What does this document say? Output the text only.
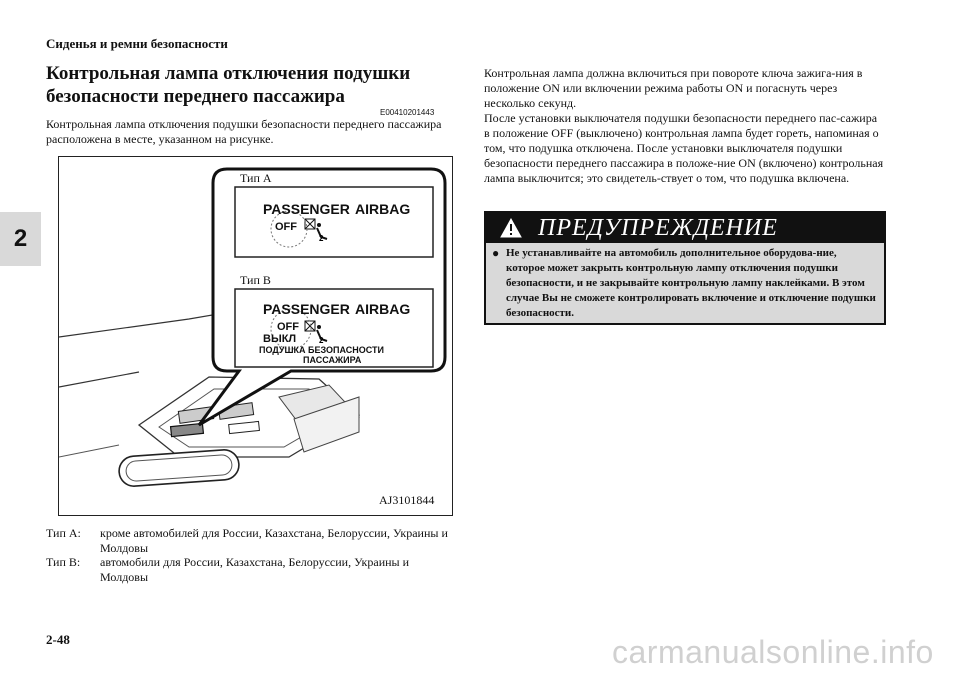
Сиденья и ремни безопасности
2
Контрольная лампа отключения подушки
безопасности переднего пассажира
E00410201443
Контрольная лампа отключения подушки безопасности переднего пассажира расположена в месте, указанном на рисунке.
2
2
Тип A
Тип B
PASSENGER AIRBAG
OFF
PASSENGER AIRBAG
OFF
ВЫКЛ
ПОДУШКА БЕЗОПАСНОСТИ
ПАССАЖИРА
AJ3101844
Тип A:	кроме автомобилей для России, Казахстана, Белоруссии, Украины и Молдовы
Тип B:	автомобили для России, Казахстана, Белоруссии, Украины и Молдовы

Контрольная лампа должна включиться при повороте ключа зажига-ния в положение ON или включении режима работы ON и погаснуть через несколько секунд.

После установки выключателя подушки безопасности переднего пас-сажира в положение OFF (выключено) контрольная лампа будет гореть, напоминая о том, что подушка отключена. После установки выключателя подушки безопасности переднего пассажира в положе-ние ON (включено) контрольная лампа выключится; это свидетель-ствует о том, что подушка включена.

ПРЕДУПРЕЖДЕНИЕ
● Не устанавливайте на автомобиль дополнительное оборудова-ние, которое может закрыть контрольную лампу отключения подушки безопасности, и не закрывайте контрольную лампу наклейками. В этом случае Вы не сможете контролировать включение и отключение подушки безопасности.
2-48	carmanualsonline.info
